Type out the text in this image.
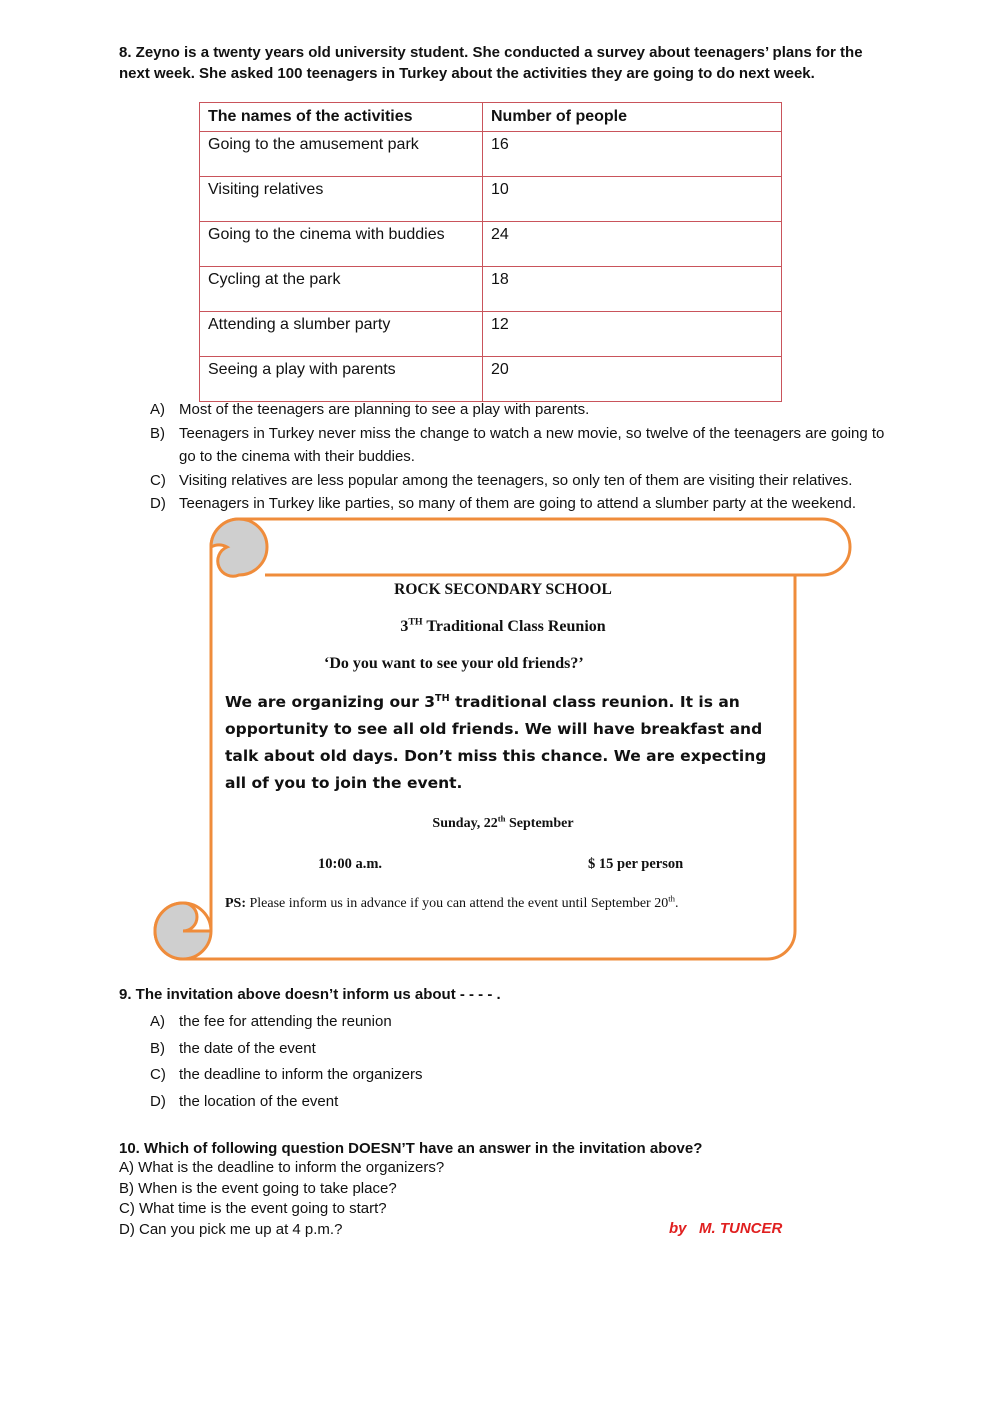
8. Zeyno is a twenty years old university student. She conducted a survey about teenagers’ plans for the next week. She asked 100 teenagers in Turkey about the activities they are going to do next week.
The names of the activities	Number of people
Going to the amusement park	16
Visiting relatives	10
Going to the cinema with buddies	24
Cycling at the park	18
Attending a slumber party	12
Seeing a play with parents	20
A) Most of the teenagers are planning to see a play with parents.
B) Teenagers in Turkey never miss the change to watch a new movie, so twelve of the teenagers are going to go to the cinema with their buddies.
C) Visiting relatives are less popular among the teenagers, so only ten of them are visiting their relatives.
D) Teenagers in Turkey like parties, so many of them are going to attend a slumber party at the weekend.
ROCK SECONDARY SCHOOL
3TH Traditional Class Reunion
‘Do you want to see your old friends?’
We are organizing our 3TH traditional class reunion. It is an opportunity to see all old friends. We will have breakfast and talk about old days. Don’t miss this chance. We are expecting all of you to join the event.
Sunday, 22th September
10:00 a.m.	$ 15 per person
PS: Please inform us in advance if you can attend the event until September 20th.
9. The invitation above doesn’t inform us about - - - - .
A) the fee for attending the reunion
B) the date of the event
C) the deadline to inform the organizers
D) the location of the event
10. Which of following question DOESN’T have an answer in the invitation above?
A) What is the deadline to inform the organizers?
B) When is the event going to take place?
C) What time is the event going to start?
D) Can you pick me up at 4 p.m.?	by   M. TUNCER
